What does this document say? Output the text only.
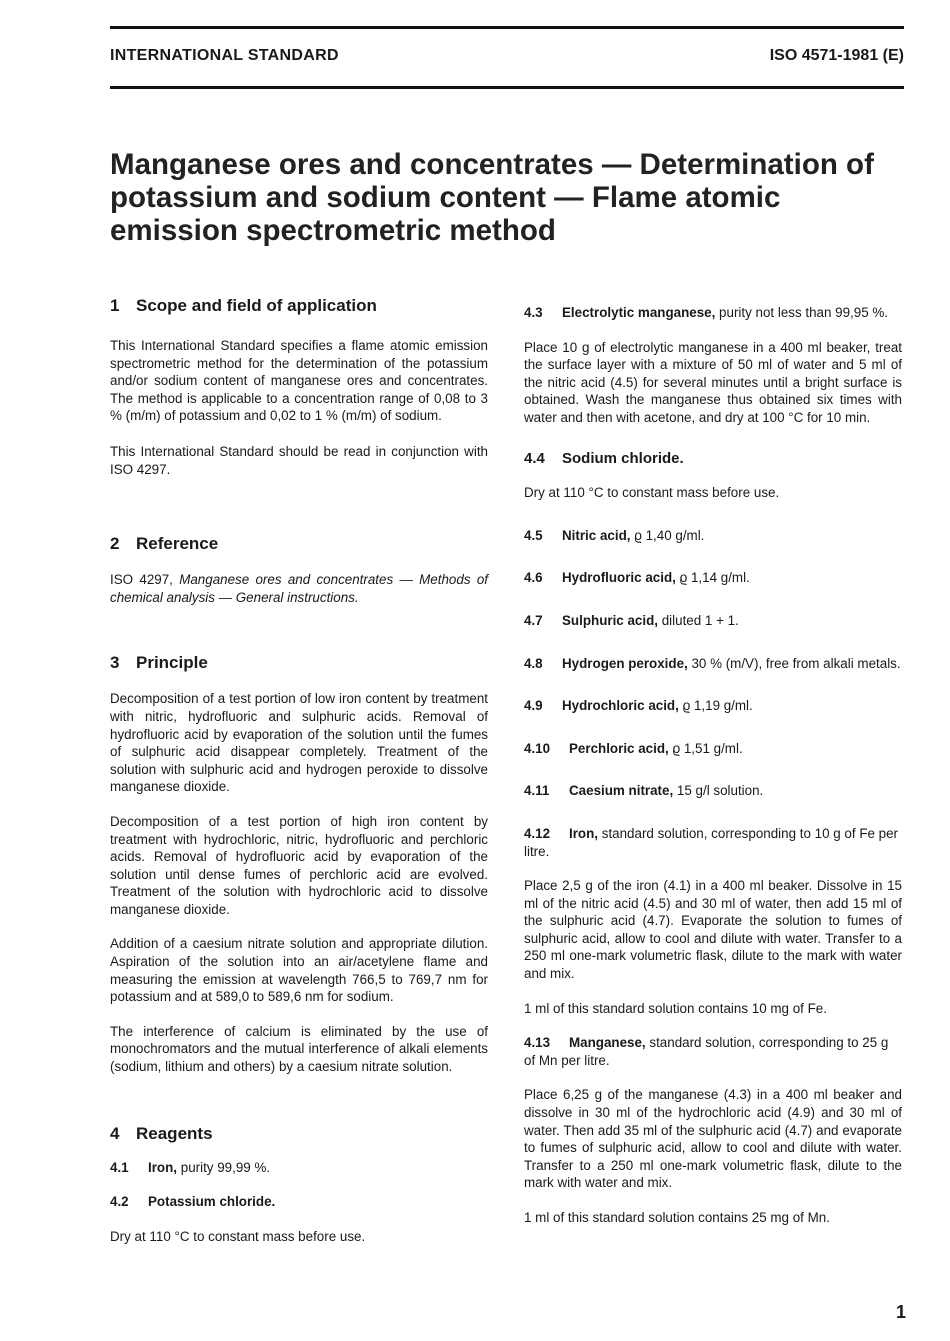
INTERNATIONAL STANDARD	ISO 4571-1981 (E)
Manganese ores and concentrates — Determination of potassium and sodium content — Flame atomic emission spectrometric method
1 Scope and field of application

This International Standard specifies a flame atomic emission spectrometric method for the determination of the potassium and/or sodium content of manganese ores and concentrates. The method is applicable to a concentration range of 0,08 to 3 % (m/m) of potassium and 0,02 to 1 % (m/m) of sodium.

This International Standard should be read in conjunction with ISO 4297.

2 Reference

ISO 4297, Manganese ores and concentrates — Methods of chemical analysis — General instructions.

3 Principle

Decomposition of a test portion of low iron content by treatment with nitric, hydrofluoric and sulphuric acids. Removal of hydrofluoric acid by evaporation of the solution until the fumes of sulphuric acid disappear completely. Treatment of the solution with sulphuric acid and hydrogen peroxide to dissolve manganese dioxide.

Decomposition of a test portion of high iron content by treatment with hydrochloric, nitric, hydrofluoric and perchloric acids. Removal of hydrofluoric acid by evaporation of the solution until dense fumes of perchloric acid are evolved. Treatment of the solution with hydrochloric acid to dissolve manganese dioxide.

Addition of a caesium nitrate solution and appropriate dilution. Aspiration of the solution into an air/acetylene flame and measuring the emission at wavelength 766,5 to 769,7 nm for potassium and at 589,0 to 589,6 nm for sodium.

The interference of calcium is eliminated by the use of monochromators and the mutual interference of alkali elements (sodium, lithium and others) by a caesium nitrate solution.

4 Reagents

4.1 Iron, purity 99,99 %.

4.2 Potassium chloride.

Dry at 110 °C to constant mass before use.

4.3 Electrolytic manganese, purity not less than 99,95 %.

Place 10 g of electrolytic manganese in a 400 ml beaker, treat the surface layer with a mixture of 50 ml of water and 5 ml of the nitric acid (4.5) for several minutes until a bright surface is obtained. Wash the manganese thus obtained six times with water and then with acetone, and dry at 100 °C for 10 min.

4.4 Sodium chloride.

Dry at 110 °C to constant mass before use.

4.5 Nitric acid, ϱ 1,40 g/ml.

4.6 Hydrofluoric acid, ϱ 1,14 g/ml.

4.7 Sulphuric acid, diluted 1 + 1.

4.8 Hydrogen peroxide, 30 % (m/V), free from alkali metals.

4.9 Hydrochloric acid, ϱ 1,19 g/ml.

4.10 Perchloric acid, ϱ 1,51 g/ml.

4.11 Caesium nitrate, 15 g/l solution.

4.12 Iron, standard solution, corresponding to 10 g of Fe per litre.

Place 2,5 g of the iron (4.1) in a 400 ml beaker. Dissolve in 15 ml of the nitric acid (4.5) and 30 ml of water, then add 15 ml of the sulphuric acid (4.7). Evaporate the solution to fumes of sulphuric acid, allow to cool and dilute with water. Transfer to a 250 ml one-mark volumetric flask, dilute to the mark with water and mix.

1 ml of this standard solution contains 10 mg of Fe.

4.13 Manganese, standard solution, corresponding to 25 g of Mn per litre.

Place 6,25 g of the manganese (4.3) in a 400 ml beaker and dissolve in 30 ml of the hydrochloric acid (4.9) and 30 ml of water. Then add 35 ml of the sulphuric acid (4.7) and evaporate to fumes of sulphuric acid, allow to cool and dilute with water. Transfer to a 250 ml one-mark volumetric flask, dilute to the mark with water and mix.

1 ml of this standard solution contains 25 mg of Mn.

1
